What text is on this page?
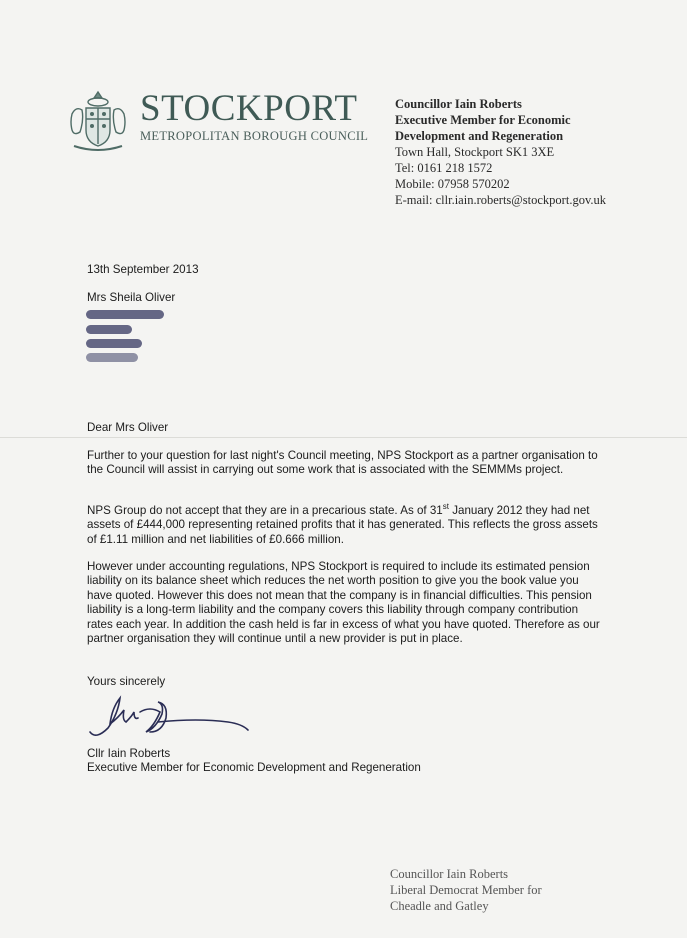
STOCKPORT
METROPOLITAN BOROUGH COUNCIL
Councillor Iain Roberts
Executive Member for Economic
Development and Regeneration
Town Hall, Stockport SK1 3XE
Tel: 0161 218 1572
Mobile: 07958 570202
E-mail: cllr.iain.roberts@stockport.gov.uk
13th September 2013
Mrs Sheila Oliver
Dear Mrs Oliver
Further to your question for last night's Council meeting, NPS Stockport as a partner organisation to the Council will assist in carrying out some work that is associated with the SEMMMs project.
NPS Group do not accept that they are in a precarious state. As of 31st January 2012 they had net assets of £444,000 representing retained profits that it has generated. This reflects the gross assets of £1.11 million and net liabilities of £0.666 million.
However under accounting regulations, NPS Stockport is required to include its estimated pension liability on its balance sheet which reduces the net worth position to give you the book value you have quoted. However this does not mean that the company is in financial difficulties. This pension liability is a long-term liability and the company covers this liability through company contribution rates each year. In addition the cash held is far in excess of what you have quoted. Therefore as our partner organisation they will continue until a new provider is put in place.
Yours sincerely
Cllr Iain Roberts
Executive Member for Economic Development and Regeneration
Councillor Iain Roberts
Liberal Democrat Member for
Cheadle and Gatley
